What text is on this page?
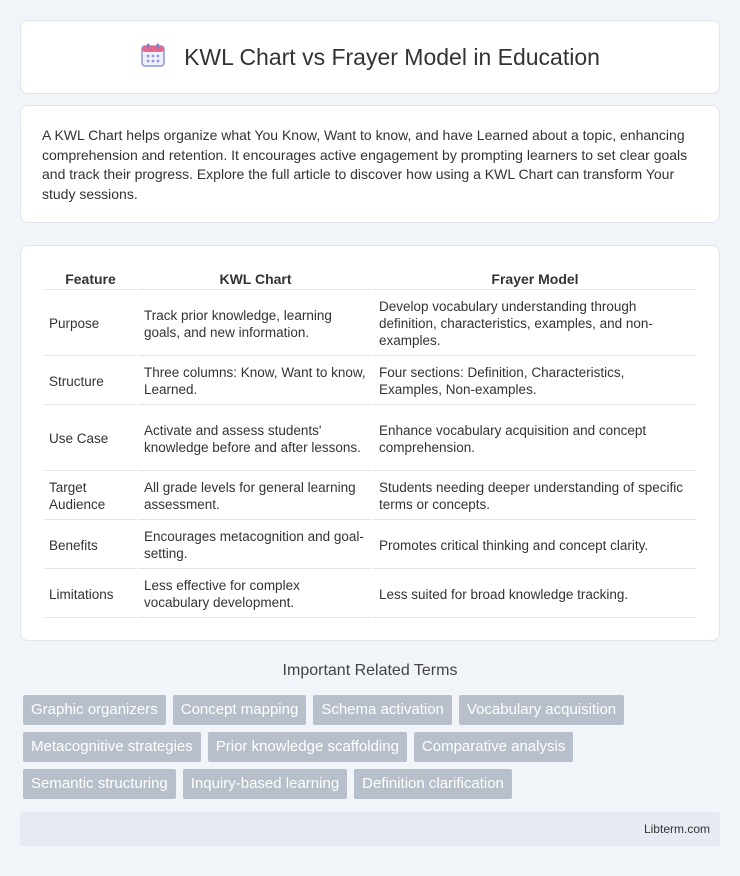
KWL Chart vs Frayer Model in Education

A KWL Chart helps organize what You Know, Want to know, and have Learned about a topic, enhancing comprehension and retention. It encourages active engagement by prompting learners to set clear goals and track their progress. Explore the full article to discover how using a KWL Chart can transform Your study sessions.

Feature	KWL Chart	Frayer Model
Purpose	Track prior knowledge, learning goals, and new information.	Develop vocabulary understanding through definition, characteristics, examples, and non-examples.
Structure	Three columns: Know, Want to know, Learned.	Four sections: Definition, Characteristics, Examples, Non-examples.
Use Case	Activate and assess students' knowledge before and after lessons.	Enhance vocabulary acquisition and concept comprehension.
Target Audience	All grade levels for general learning assessment.	Students needing deeper understanding of specific terms or concepts.
Benefits	Encourages metacognition and goal-setting.	Promotes critical thinking and concept clarity.
Limitations	Less effective for complex vocabulary development.	Less suited for broad knowledge tracking.
Important Related Terms
Graphic organizers	Concept mapping	Schema activation	Vocabulary acquisition
Metacognitive strategies	Prior knowledge scaffolding	Comparative analysis
Semantic structuring	Inquiry-based learning	Definition clarification
Libterm.com
